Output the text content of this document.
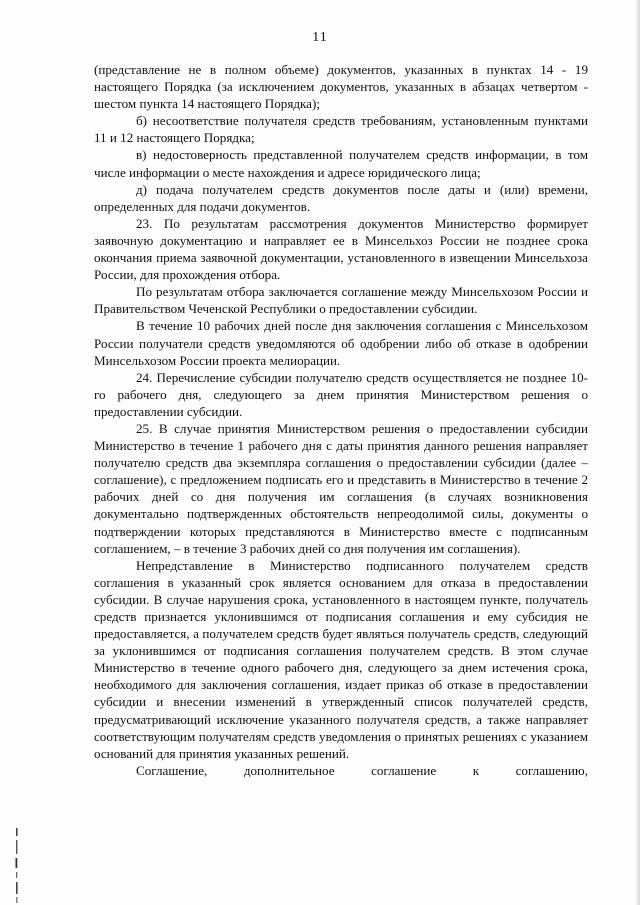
11

(представление не в полном объеме) документов, указанных в пунктах 14 - 19 настоящего Порядка (за исключением документов, указанных в абзацах четвертом - шестом пункта 14 настоящего Порядка);

б) несоответствие получателя средств требованиям, установленным пунктами 11 и 12 настоящего Порядка;

в) недостоверность представленной получателем средств информации, в том числе информации о месте нахождения и адресе юридического лица;

д) подача получателем средств документов после даты и (или) времени, определенных для подачи документов.

23. По результатам рассмотрения документов Министерство формирует заявочную документацию и направляет ее в Минсельхоз России не позднее срока окончания приема заявочной документации, установленного в извещении Минсельхоза России, для прохождения отбора.

По результатам отбора заключается соглашение между Минсельхозом России и Правительством Чеченской Республики о предоставлении субсидии.

В течение 10 рабочих дней после дня заключения соглашения с Минсельхозом России получатели средств уведомляются об одобрении либо об отказе в одобрении Минсельхозом России проекта мелиорации.

24. Перечисление субсидии получателю средств осуществляется не позднее 10-го рабочего дня, следующего за днем принятия Министерством решения о предоставлении субсидии.

25. В случае принятия Министерством решения о предоставлении субсидии Министерство в течение 1 рабочего дня с даты принятия данного решения направляет получателю средств два экземпляра соглашения о предоставлении субсидии (далее – соглашение), с предложением подписать его и представить в Министерство в течение 2 рабочих дней со дня получения им соглашения (в случаях возникновения документально подтвержденных обстоятельств непреодолимой силы, документы о подтверждении которых представляются в Министерство вместе с подписанным соглашением, – в течение 3 рабочих дней со дня получения им соглашения).

Непредставление в Министерство подписанного получателем средств соглашения в указанный срок является основанием для отказа в предоставлении субсидии. В случае нарушения срока, установленного в настоящем пункте, получатель средств признается уклонившимся от подписания соглашения и ему субсидия не предоставляется, а получателем средств будет являться получатель средств, следующий за уклонившимся от подписания соглашения получателем средств. В этом случае Министерство в течение одного рабочего дня, следующего за днем истечения срока, необходимого для заключения соглашения, издает приказ об отказе в предоставлении субсидии и внесении изменений в утвержденный список получателей средств, предусматривающий исключение указанного получателя средств, а также направляет соответствующим получателям средств уведомления о принятых решениях с указанием оснований для принятия указанных решений.

Соглашение, дополнительное соглашение к соглашению,
